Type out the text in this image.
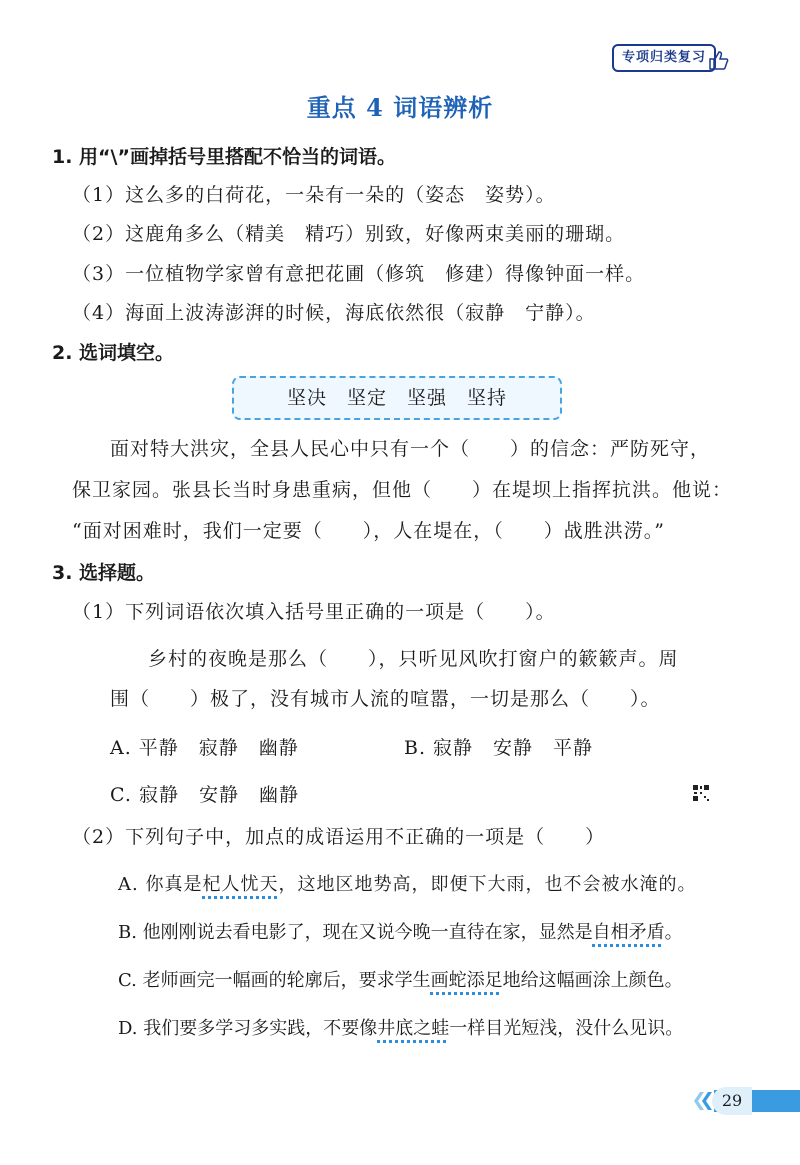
专项归类复习
重点 4 词语辨析
1. 用“\”画掉括号里搭配不恰当的词语。
（1）这么多的白荷花，一朵有一朵的（姿态　姿势）。
（2）这鹿角多么（精美　精巧）别致，好像两束美丽的珊瑚。
（3）一位植物学家曾有意把花圃（修筑　修建）得像钟面一样。
（4）海面上波涛澎湃的时候，海底依然很（寂静　宁静）。
2. 选词填空。
坚决　坚定　坚强　坚持
面对特大洪灾，全县人民心中只有一个（　　）的信念：严防死守，
保卫家园。张县长当时身患重病，但他（　　）在堤坝上指挥抗洪。他说：
“面对困难时，我们一定要（　　），人在堤在，（　　）战胜洪涝。”
3. 选择题。
（1）下列词语依次填入括号里正确的一项是（　　）。
乡村的夜晚是那么（　　），只听见风吹打窗户的簌簌声。周
围（　　）极了，没有城市人流的喧嚣，一切是那么（　　）。
A. 平静　寂静　幽静	B. 寂静　安静　平静
C. 寂静　安静　幽静
（2）下列句子中，加点的成语运用不正确的一项是（　　）
A. 你真是杞人忧天，这地区地势高，即便下大雨，也不会被水淹的。
B. 他刚刚说去看电影了，现在又说今晚一直待在家，显然是自相矛盾。
C. 老师画完一幅画的轮廓后，要求学生画蛇添足地给这幅画涂上颜色。
D. 我们要多学习多实践，不要像井底之蛙一样目光短浅，没什么见识。
29
